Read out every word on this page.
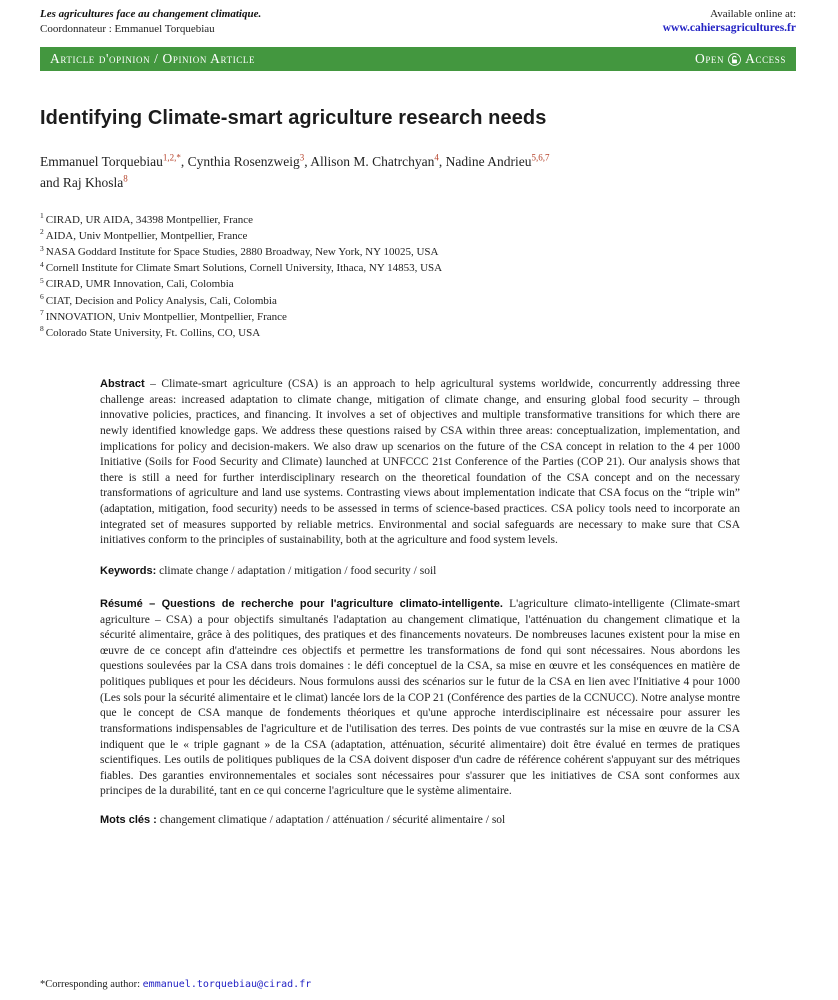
Les agricultures face au changement climatique.
Coordonnateur : Emmanuel Torquebiau
Available online at:
www.cahiersagricultures.fr
Article d'opinion / Opinion Article	Open Access
Identifying Climate-smart agriculture research needs
Emmanuel Torquebiau$^{1,2,*}$, Cynthia Rosenzweig$^3$, Allison M. Chatrchyan$^4$, Nadine Andrieu$^{5,6,7}$
and Raj Khosla$^8$
$^1$ CIRAD, UR AIDA, 34398 Montpellier, France
$^2$ AIDA, Univ Montpellier, Montpellier, France
$^3$ NASA Goddard Institute for Space Studies, 2880 Broadway, New York, NY 10025, USA
$^4$ Cornell Institute for Climate Smart Solutions, Cornell University, Ithaca, NY 14853, USA
$^5$ CIRAD, UMR Innovation, Cali, Colombia
$^6$ CIAT, Decision and Policy Analysis, Cali, Colombia
$^7$ INNOVATION, Univ Montpellier, Montpellier, France
$^8$ Colorado State University, Ft. Collins, CO, USA

Abstract – Climate-smart agriculture (CSA) is an approach to help agricultural systems worldwide, concurrently addressing three challenge areas: increased adaptation to climate change, mitigation of climate change, and ensuring global food security – through innovative policies, practices, and financing. It involves a set of objectives and multiple transformative transitions for which there are newly identified knowledge gaps. We address these questions raised by CSA within three areas: conceptualization, implementation, and implications for policy and decision-makers. We also draw up scenarios on the future of the CSA concept in relation to the 4 per 1000 Initiative (Soils for Food Security and Climate) launched at UNFCCC 21st Conference of the Parties (COP 21). Our analysis shows that there is still a need for further interdisciplinary research on the theoretical foundation of the CSA concept and on the necessary transformations of agriculture and land use systems. Contrasting views about implementation indicate that CSA focus on the “triple win” (adaptation, mitigation, food security) needs to be assessed in terms of science-based practices. CSA policy tools need to incorporate an integrated set of measures supported by reliable metrics. Environmental and social safeguards are necessary to make sure that CSA initiatives conform to the principles of sustainability, both at the agriculture and food system levels.

Keywords: climate change / adaptation / mitigation / food security / soil

Résumé – Questions de recherche pour l'agriculture climato-intelligente. L'agriculture climato-intelligente (Climate-smart agriculture – CSA) a pour objectifs simultanés l'adaptation au changement climatique, l'atténuation du changement climatique et la sécurité alimentaire, grâce à des politiques, des pratiques et des financements novateurs. De nombreuses lacunes existent pour la mise en œuvre de ce concept afin d'atteindre ces objectifs et permettre les transformations de fond qui sont nécessaires. Nous abordons les questions soulevées par la CSA dans trois domaines : le défi conceptuel de la CSA, sa mise en œuvre et les conséquences en matière de politiques publiques et pour les décideurs. Nous formulons aussi des scénarios sur le futur de la CSA en lien avec l'Initiative 4 pour 1000 (Les sols pour la sécurité alimentaire et le climat) lancée lors de la COP 21 (Conférence des parties de la CCNUCC). Notre analyse montre que le concept de CSA manque de fondements théoriques et qu'une approche interdisciplinaire est nécessaire pour assurer les transformations indispensables de l'agriculture et de l'utilisation des terres. Des points de vue contrastés sur la mise en œuvre de la CSA indiquent que le « triple gagnant » de la CSA (adaptation, atténuation, sécurité alimentaire) doit être évalué en termes de pratiques scientifiques. Les outils de politiques publiques de la CSA doivent disposer d'un cadre de référence cohérent s'appuyant sur des métriques fiables. Des garanties environnementales et sociales sont nécessaires pour s'assurer que les initiatives de CSA sont conformes aux principes de la durabilité, tant en ce qui concerne l'agriculture que le système alimentaire.

Mots clés : changement climatique / adaptation / atténuation / sécurité alimentaire / sol

*Corresponding author: emmanuel.torquebiau@cirad.fr
